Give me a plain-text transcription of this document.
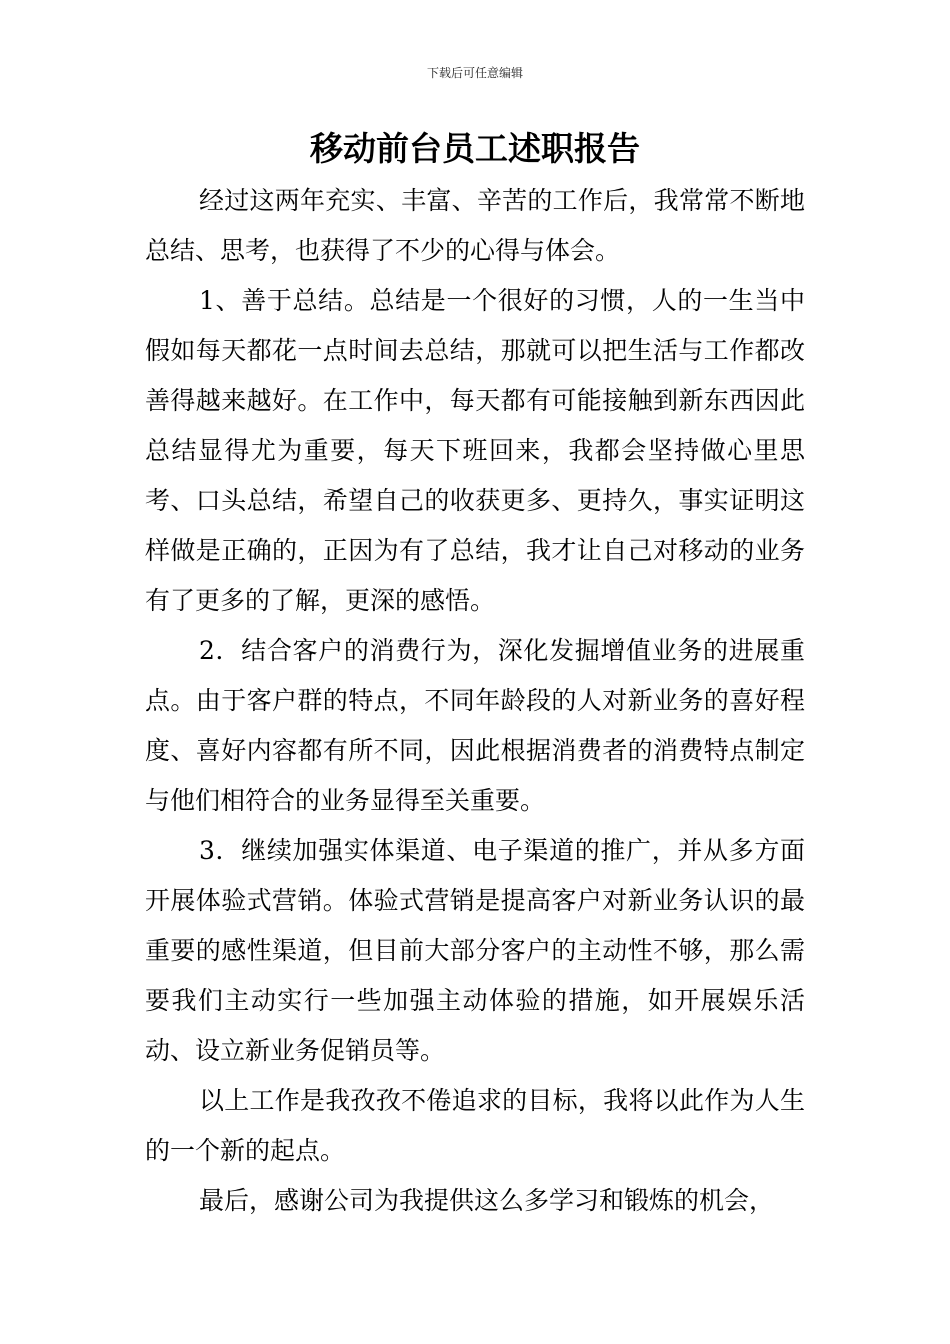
下载后可任意编辑
移动前台员工述职报告

经过这两年充实、丰富、辛苦的工作后，我常常不断地总结、思考，也获得了不少的心得与体会。

1、善于总结。总结是一个很好的习惯，人的一生当中假如每天都花一点时间去总结，那就可以把生活与工作都改善得越来越好。在工作中，每天都有可能接触到新东西因此总结显得尤为重要，每天下班回来，我都会坚持做心里思考、口头总结，希望自己的收获更多、更持久，事实证明这样做是正确的，正因为有了总结，我才让自己对移动的业务有了更多的了解，更深的感悟。

2．结合客户的消费行为，深化发掘增值业务的进展重点。由于客户群的特点，不同年龄段的人对新业务的喜好程度、喜好内容都有所不同，因此根据消费者的消费特点制定与他们相符合的业务显得至关重要。

3．继续加强实体渠道、电子渠道的推广，并从多方面开展体验式营销。体验式营销是提高客户对新业务认识的最重要的感性渠道，但目前大部分客户的主动性不够，那么需要我们主动实行一些加强主动体验的措施，如开展娱乐活动、设立新业务促销员等。

以上工作是我孜孜不倦追求的目标，我将以此作为人生的一个新的起点。

最后，感谢公司为我提供这么多学习和锻炼的机会，
